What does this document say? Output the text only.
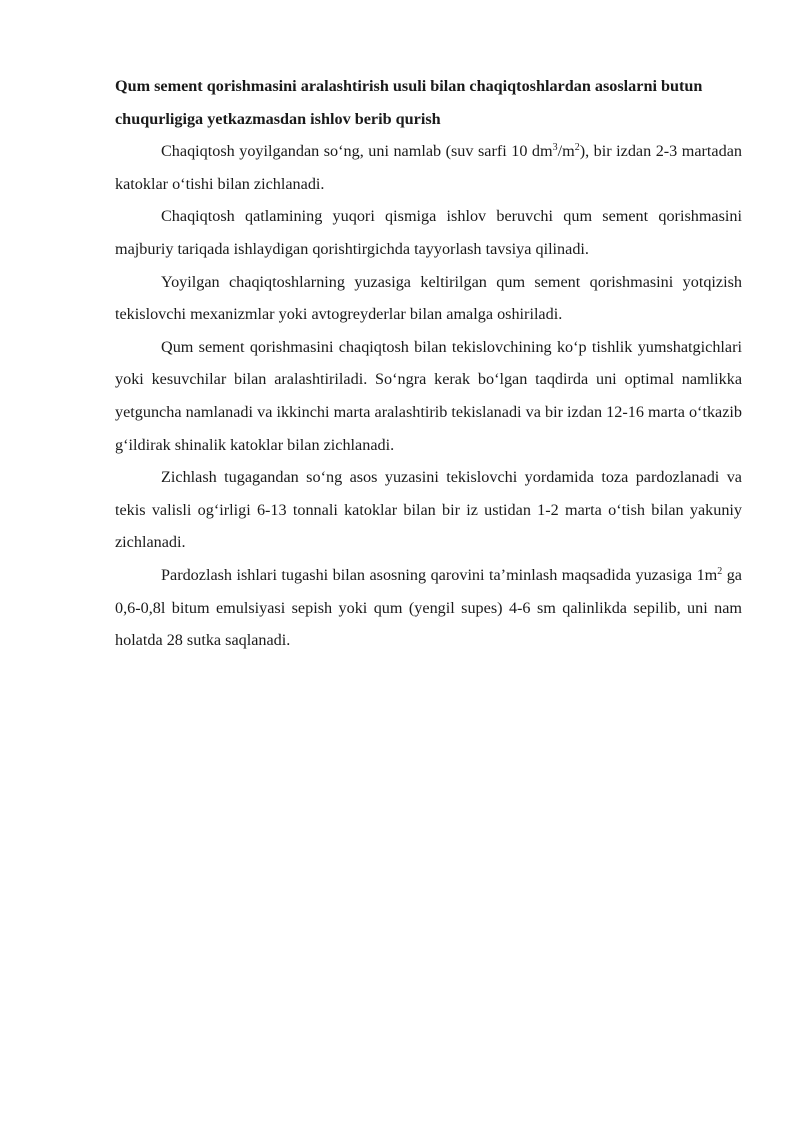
Qum sement qorishmasini aralashtirish usuli bilan chaqiqtoshlardan asoslarni butun chuqurligiga yetkazmasdan ishlov berib qurish

Chaqiqtosh yoyilgandan so‘ng, uni namlab (suv sarfi 10 $dm^3/m^2$), bir izdan 2-3 martadan katoklar o‘tishi bilan zichlanadi.

Chaqiqtosh qatlamining yuqori qismiga ishlov beruvchi qum sement qorishmasini majburiy tariqada ishlaydigan qorishtirgichda tayyorlash tavsiya qilinadi.

Yoyilgan chaqiqtoshlarning yuzasiga keltirilgan qum sement qorishmasini yotqizish tekislovchi mexanizmlar yoki avtogreyderlar bilan amalga oshiriladi.

Qum sement qorishmasini chaqiqtosh bilan tekislovchining ko‘p tishlik yumshatgichlari yoki kesuvchilar bilan aralashtiriladi. So‘ngra kerak bo‘lgan taqdirda uni optimal namlikka yetguncha namlanadi va ikkinchi marta aralashtirib tekislanadi va bir izdan 12-16 marta o‘tkazib g‘ildirak shinalik katoklar bilan zichlanadi.

Zichlash tugagandan so‘ng asos yuzasini tekislovchi yordamida toza pardozlanadi va tekis valisli og‘irligi 6-13 tonnali katoklar bilan bir iz ustidan 1-2 marta o‘tish bilan yakuniy zichlanadi.

Pardozlash ishlari tugashi bilan asosning qarovini ta’minlash maqsadida yuzasiga $1m^2$ ga 0,6-0,8l bitum emulsiyasi sepish yoki qum (yengil supes) 4-6 sm qalinlikda sepilib, uni nam holatda 28 sutka saqlanadi.
